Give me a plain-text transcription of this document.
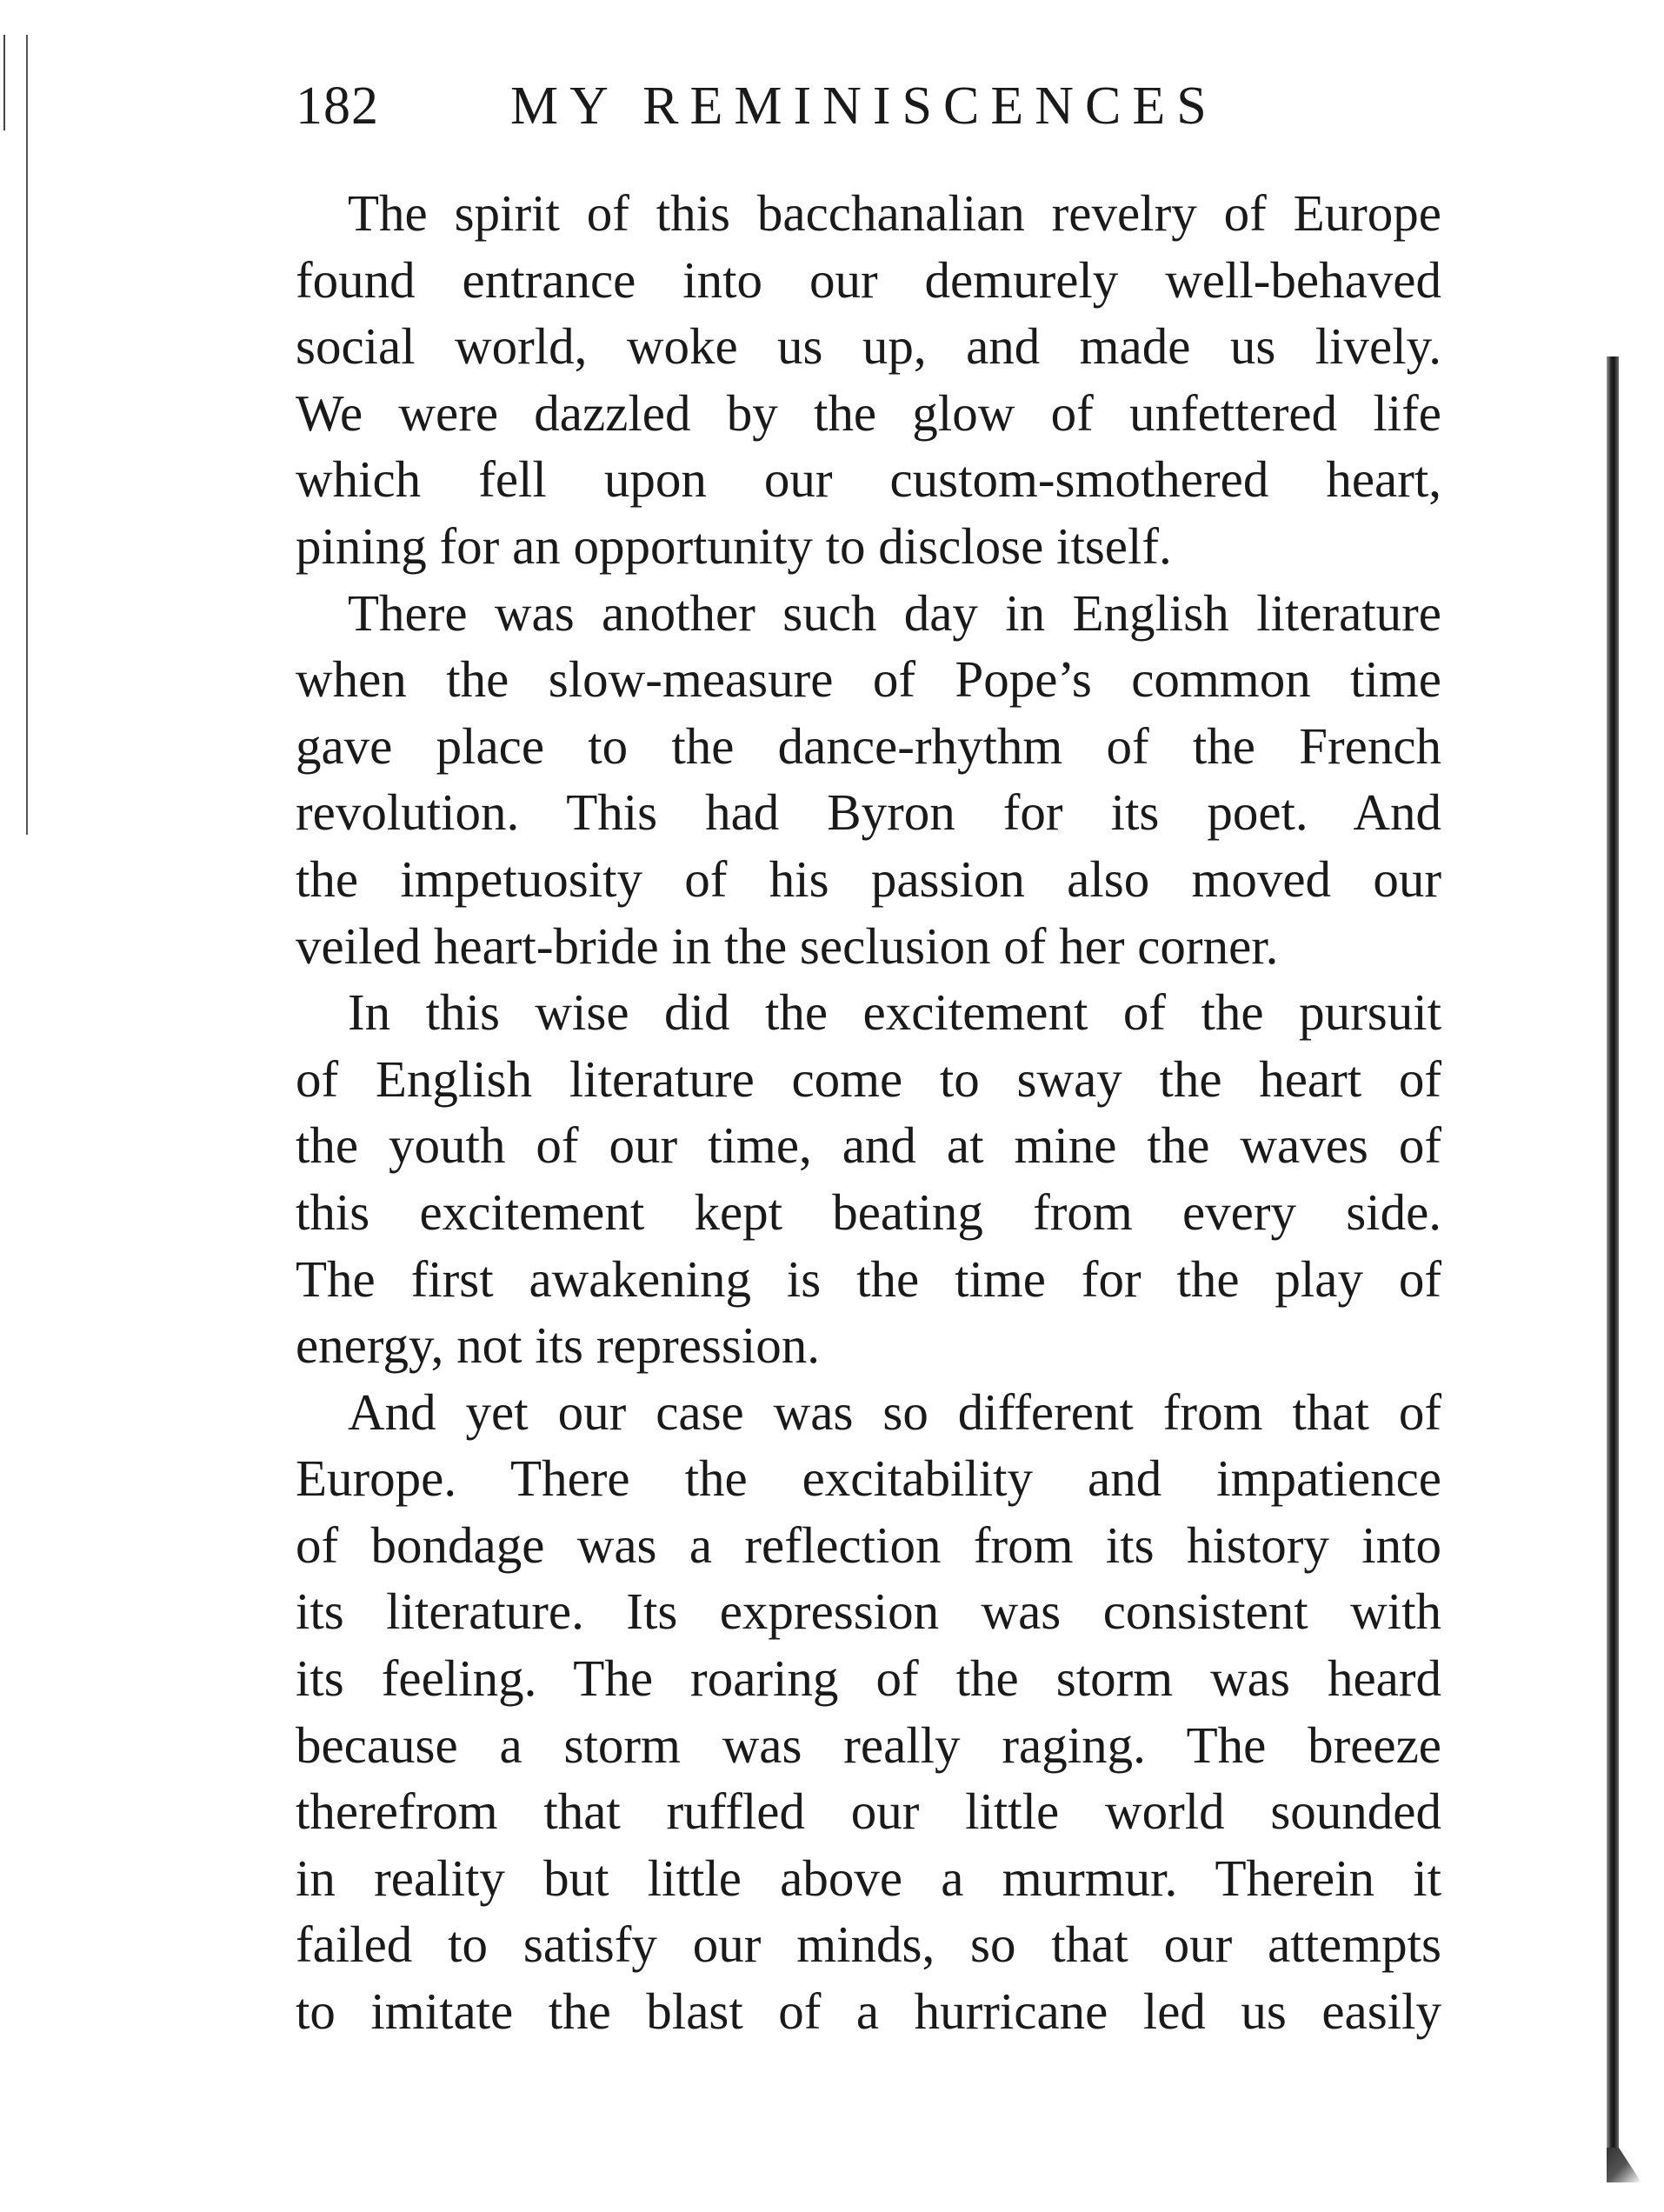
182 MY REMINISCENCES
The spirit of this bacchanalian revelry of Europe
found entrance into our demurely well-behaved
social world, woke us up, and made us lively.
We were dazzled by the glow of unfettered life
which fell upon our custom-smothered heart,
pining for an opportunity to disclose itself.
There was another such day in English literature
when the slow-measure of Pope’s common time
gave place to the dance-rhythm of the French
revolution. This had Byron for its poet. And
the impetuosity of his passion also moved our
veiled heart-bride in the seclusion of her corner.
In this wise did the excitement of the pursuit
of English literature come to sway the heart of
the youth of our time, and at mine the waves of
this excitement kept beating from every side.
The first awakening is the time for the play of
energy, not its repression.
And yet our case was so different from that of
Europe. There the excitability and impatience
of bondage was a reflection from its history into
its literature. Its expression was consistent with
its feeling. The roaring of the storm was heard
because a storm was really raging. The breeze
therefrom that ruffled our little world sounded
in reality but little above a murmur. Therein it
failed to satisfy our minds, so that our attempts
to imitate the blast of a hurricane led us easily
